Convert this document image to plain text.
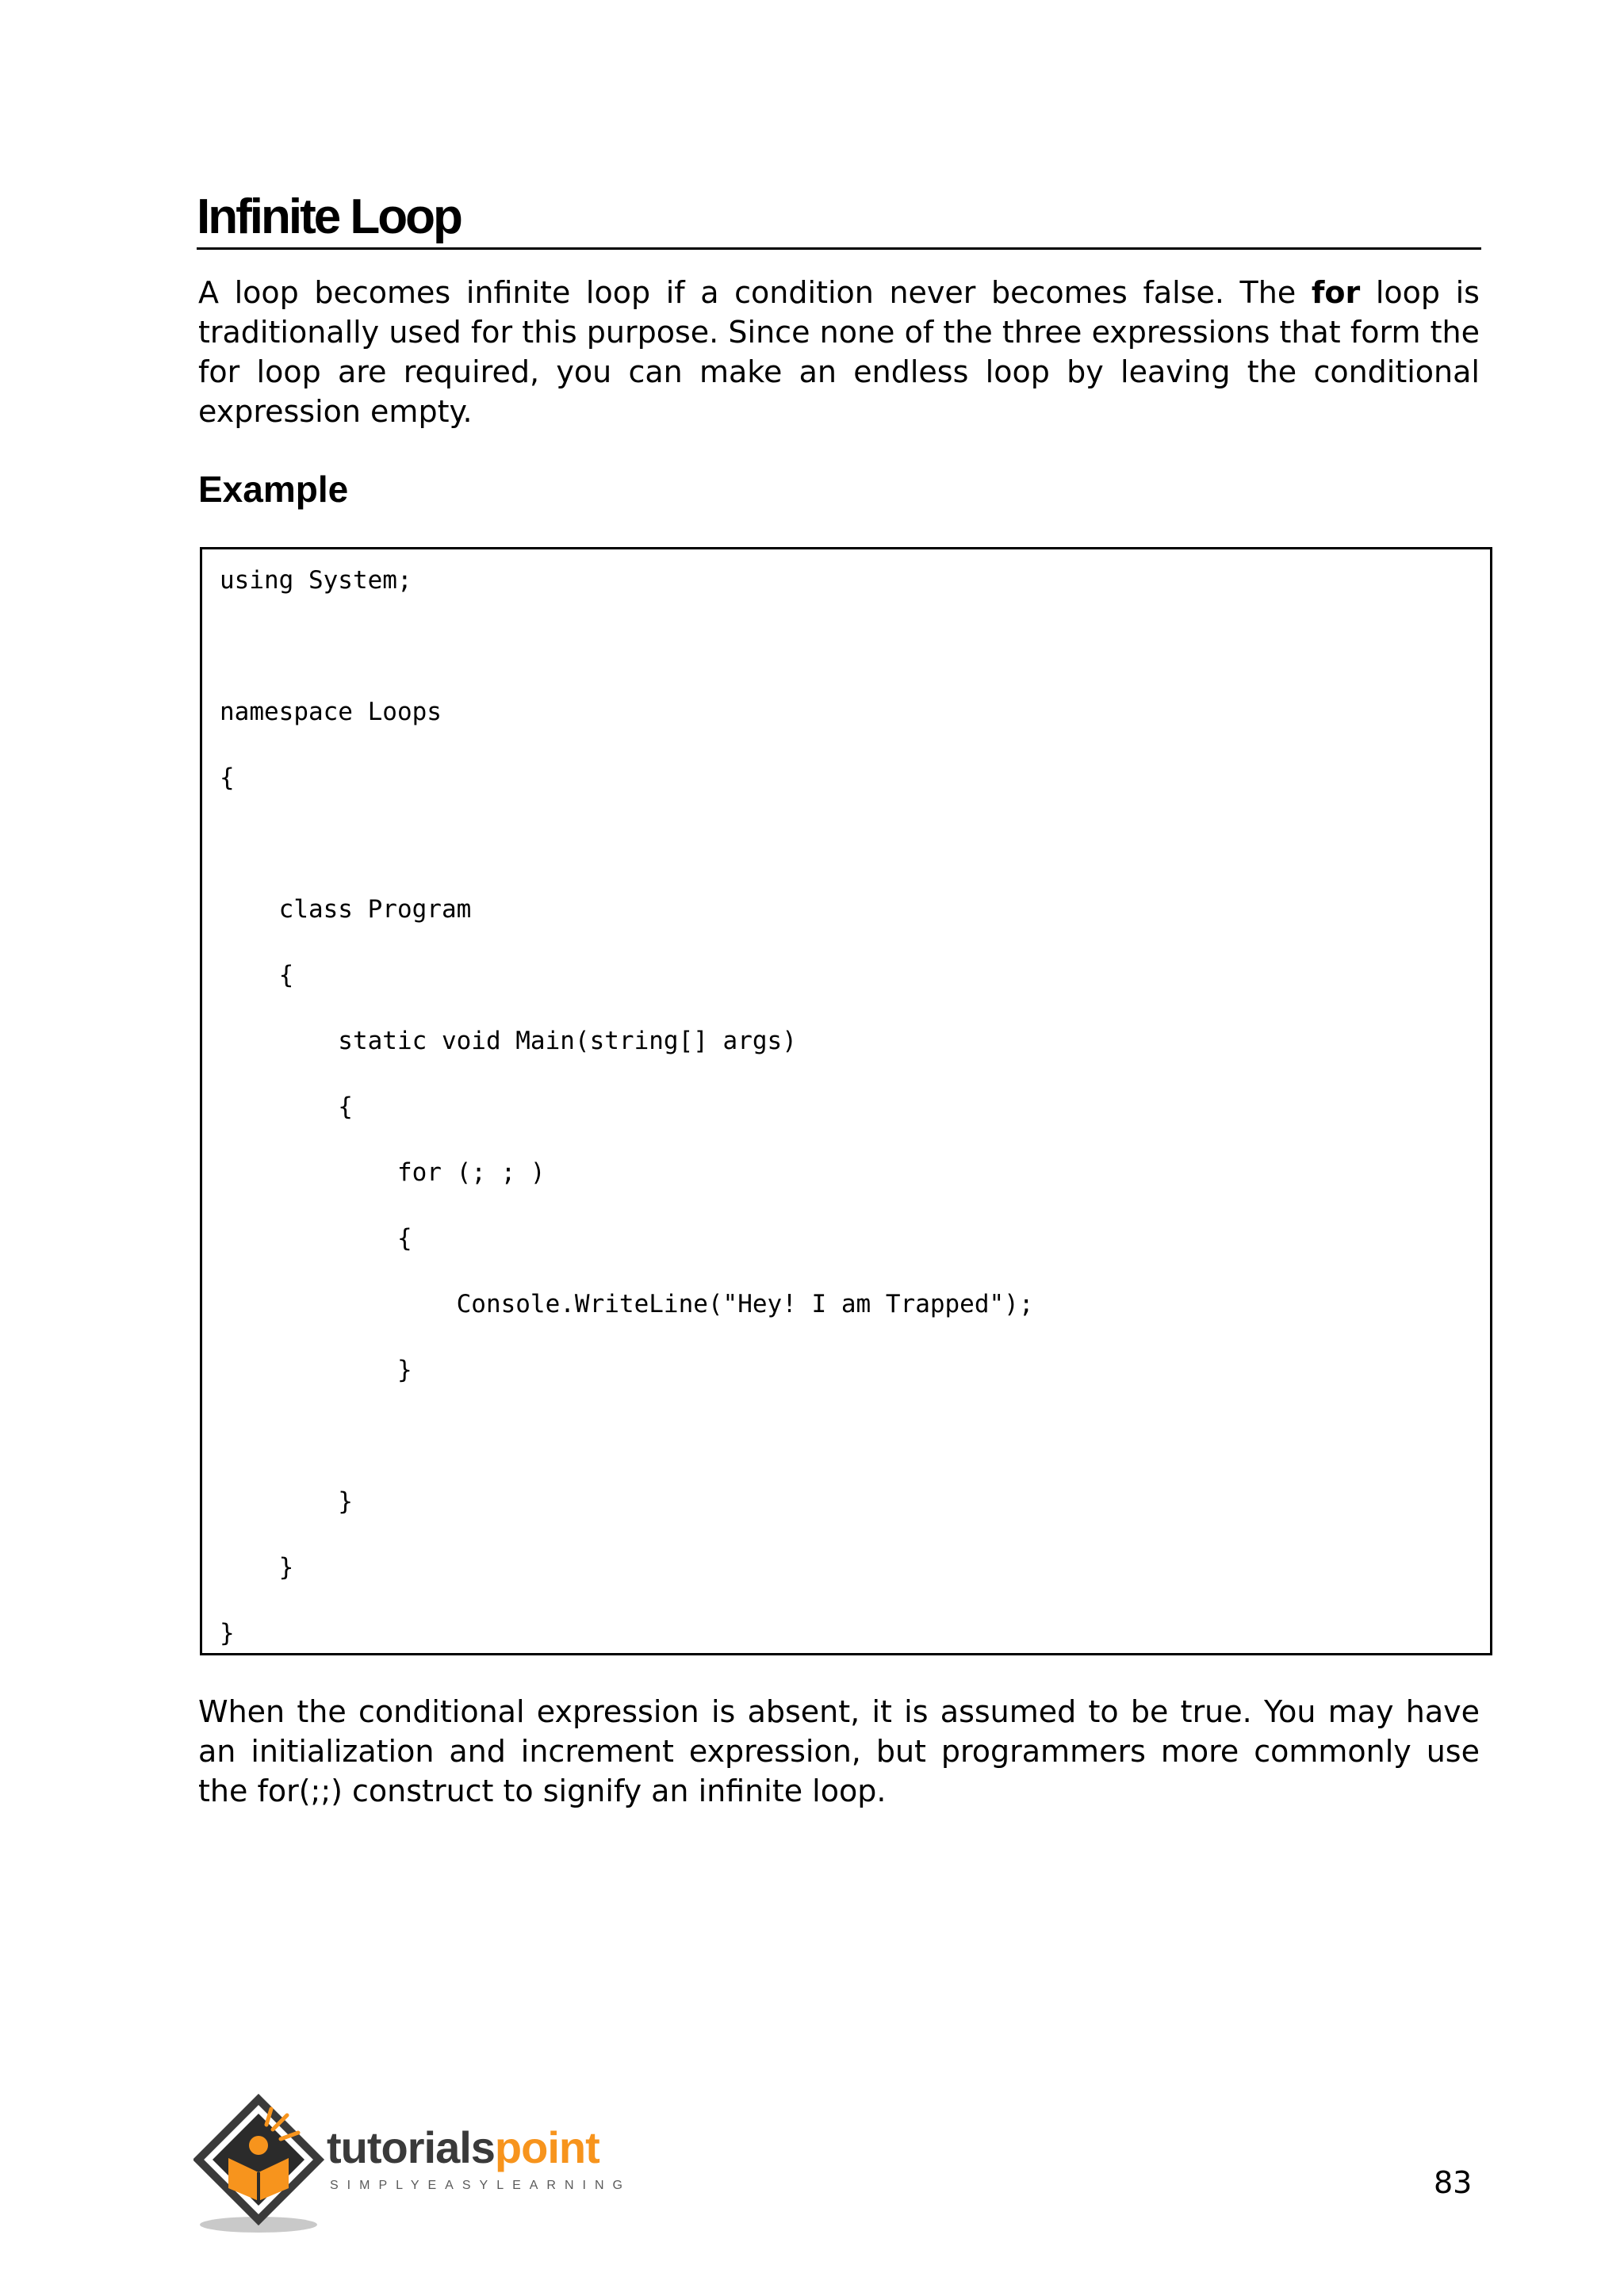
Infinite Loop

A loop becomes infinite loop if a condition never becomes false. The for loop is traditionally used for this purpose. Since none of the three expressions that form the for loop are required, you can make an endless loop by leaving the conditional expression empty.

Example
using System;
namespace Loops
{
class Program
{
static void Main(string[] args)
{
for (; ; )
{
Console.WriteLine("Hey! I am Trapped");
}
}
}
}

When the conditional expression is absent, it is assumed to be true. You may have an initialization and increment expression, but programmers more commonly use the for(;;) construct to signify an infinite loop.

tutorialspoint
SIMPLYEASYLEARNING	83
